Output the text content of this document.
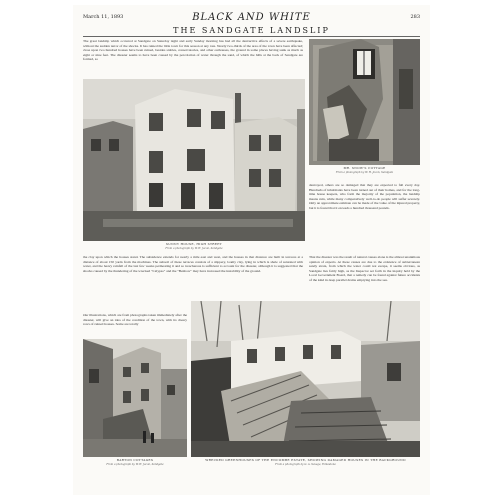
March 11, 1893	BLACK AND WHITE	283
THE SANDGATE LANDSLIP
The great landslip which occurred at Sandgate on Saturday night and early Sunday morning has had all the destructive effects of a severe earthquake, without the sudden terror of the shocks. It has ruined the little town for this season at any rate. Nearly two-thirds of the area of the town have been affected; close upon two hundred houses have been ruined, besides stables, conservatories, and other outhouses, the ground in some places having sunk as much as eight or nine feet. The disaster seems to have been caused by the percolation of water through the sand, of which the hills at the back of Sandgate are formed, so
MR. SNOW'S COTTAGE
From a photograph by W. H. Jacob, Sandgate
SUNNY HOUSE, HIGH STREET
From a photograph by W. H. Jacob, Sandgate
the clay upon which the houses stand. The subsidence extends for nearly a mile east and west, and the houses in that distance are built in terraces at a distance of about 150 yards from the machines. The subsoil of these terraces consists of a slippery, loamy clay, lying in which is shale of saturated with water, and the heavy rainfall of the last few weeks permeating it and so treacherous is sufficient to account for the disaster, although it is suggested that the shocks caused by the thundering of the wrecked "Calypso" and the "Benbow" may have increased the instability of the ground.
Our illustrations, which are from photographs taken immediately after the disaster, will give an idea of the condition of the town, with its dreary rows of ruined houses. Some are totally
destroyed, others are so damaged that they are expected to fall every day. Hundreds of inhabitants have been turned out of their homes, and for the long-time house keepers, who form the majority of the population, the landslip means ruin, while many comparatively well-to-do people will suffer severely. Only an approximate estimate can be made of the value of the injured property, but it is found that it exceeds a hundred thousand pounds.
That the disaster was the result of natural causes alone is the almost unanimous opinion of experts. At these causes are due to the existence of subterranean sandy strata, from which the water could not escape, it seems obvious, as Sandgate lies fairly high, as the Inspector set forth in the inquiry held by the Local Government Board, that a remedy can be found against future accidents of the kind in deep parallel drains emptying into the sea.
BARTON COTTAGES
From a photograph by W. H. Jacob, Sandgate
WRECKED GREENHOUSES OF THE ENCOMBE ESTATE, SHOWING DAMAGED HOUSES IN THE BACKGROUND
From a photograph by G. A. Savage, Folkestone
